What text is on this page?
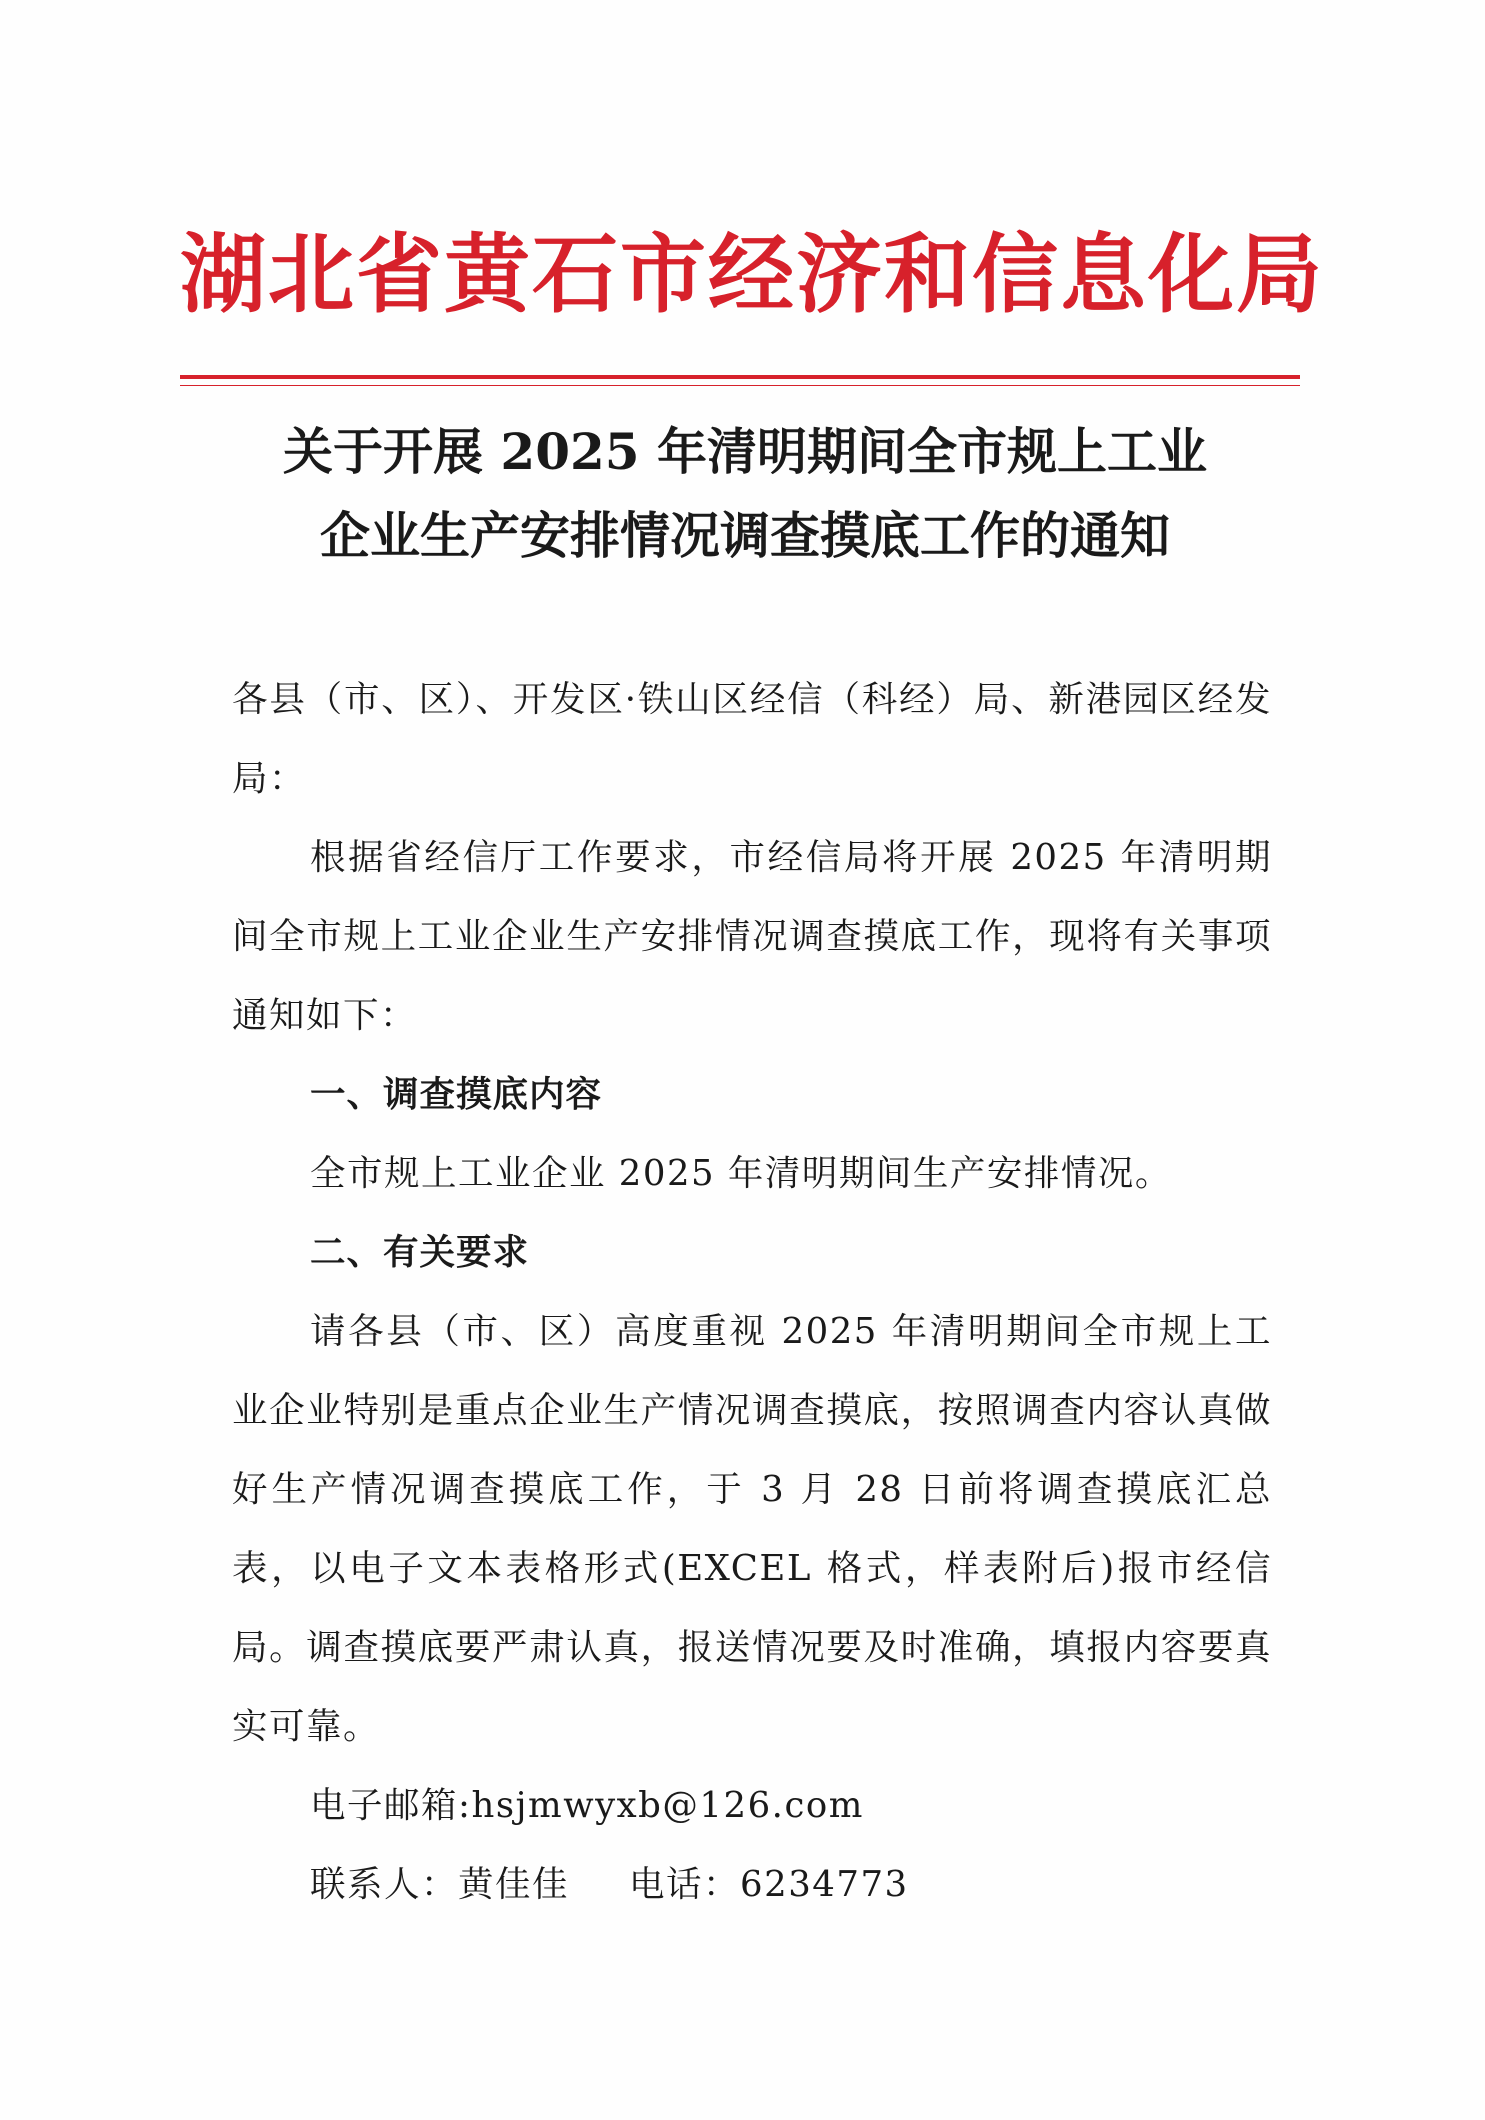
湖北省黄石市经济和信息化局
关于开展 2025 年清明期间全市规上工业
企业生产安排情况调查摸底工作的通知

各县（市、区）、开发区·铁山区经信（科经）局、新港园区经发局：

根据省经信厅工作要求，市经信局将开展 2025 年清明期间全市规上工业企业生产安排情况调查摸底工作，现将有关事项通知如下：

一、调查摸底内容

全市规上工业企业 2025 年清明期间生产安排情况。

二、有关要求

请各县（市、区）高度重视 2025 年清明期间全市规上工业企业特别是重点企业生产情况调查摸底，按照调查内容认真做好生产情况调查摸底工作，于 3 月 28 日前将调查摸底汇总表，以电子文本表格形式(EXCEL 格式，样表附后)报市经信局。调查摸底要严肃认真，报送情况要及时准确，填报内容要真实可靠。

电子邮箱:hsjmwyxb@126.com

联系人：黄佳佳 电话：6234773
